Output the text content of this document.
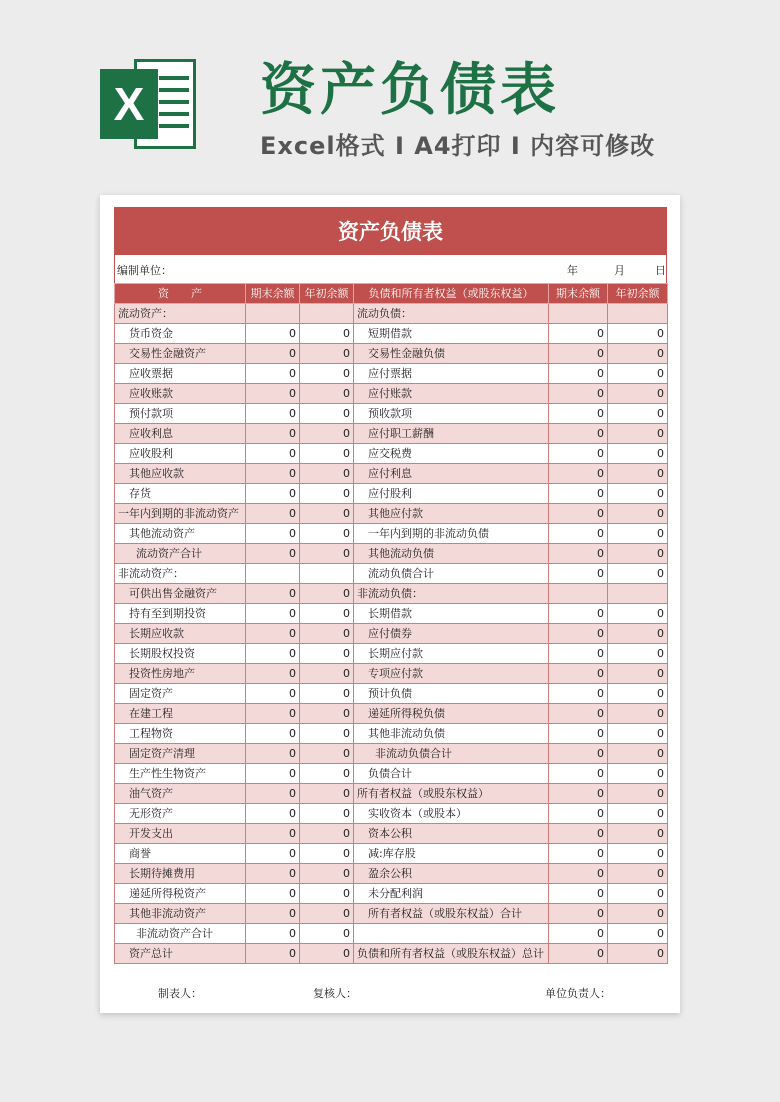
X 资产负债表
Excel格式 I A4打印 I 内容可修改
资产负债表
编制单位：	年	月	日
资　　产	期末余额	年初余额	负债和所有者权益（或股东权益）	期末余额	年初余额
流动资产：			流动负债：		
货币资金	0	0	短期借款	0	0
交易性金融资产	0	0	交易性金融负债	0	0
应收票据	0	0	应付票据	0	0
应收账款	0	0	应付账款	0	0
预付款项	0	0	预收款项	0	0
应收利息	0	0	应付职工薪酬	0	0
应收股利	0	0	应交税费	0	0
其他应收款	0	0	应付利息	0	0
存货	0	0	应付股利	0	0
一年内到期的非流动资产	0	0	其他应付款	0	0
其他流动资产	0	0	一年内到期的非流动负债	0	0
流动资产合计	0	0	其他流动负债	0	0
非流动资产：			流动负债合计	0	0
可供出售金融资产	0	0	非流动负债：		
持有至到期投资	0	0	长期借款	0	0
长期应收款	0	0	应付债券	0	0
长期股权投资	0	0	长期应付款	0	0
投资性房地产	0	0	专项应付款	0	0
固定资产	0	0	预计负债	0	0
在建工程	0	0	递延所得税负债	0	0
工程物资	0	0	其他非流动负债	0	0
固定资产清理	0	0	非流动负债合计	0	0
生产性生物资产	0	0	负债合计	0	0
油气资产	0	0	所有者权益（或股东权益）	0	0
无形资产	0	0	实收资本（或股本）	0	0
开发支出	0	0	资本公积	0	0
商誉	0	0	减:库存股	0	0
长期待摊费用	0	0	盈余公积	0	0
递延所得税资产	0	0	未分配利润	0	0
其他非流动资产	0	0	所有者权益（或股东权益）合计	0	0
非流动资产合计	0	0		0	0
资产总计	0	0	负债和所有者权益（或股东权益）总计	0	0
制表人：	复核人：	单位负责人：
